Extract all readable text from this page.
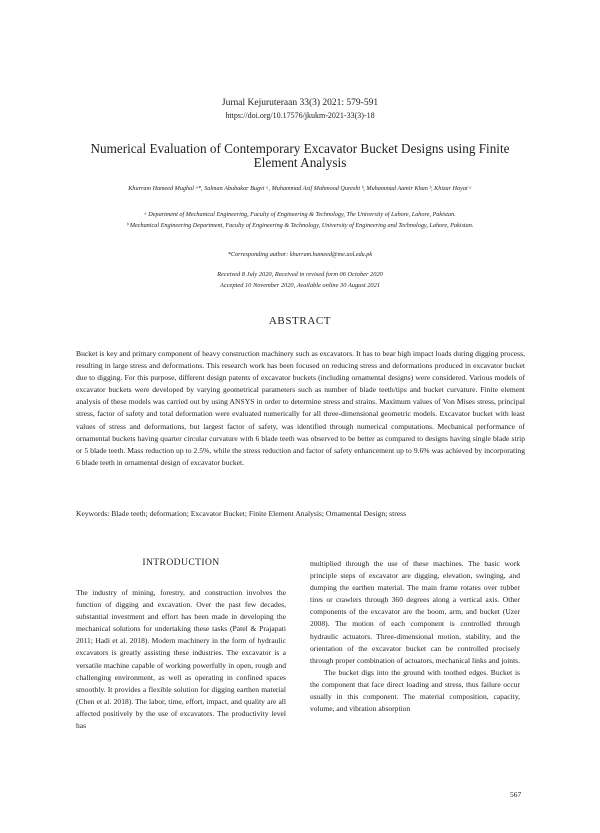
Jurnal Kejuruteraan 33(3) 2021: 579-591
https://doi.org/10.17576/jkukm-2021-33(3)-18
Numerical Evaluation of Contemporary Excavator Bucket Designs using Finite Element Analysis
Khurram Hameed Mughal ᵃ*, Salman Abubakar Bugvi ᵃ, Muhammad Asif Mahmood Qureshi ᵇ, Muhammad Aamir Khan ᵇ, Khizar Hayat ᵃ
ᵃ Department of Mechanical Engineering, Faculty of Engineering & Technology, The University of Lahore, Lahore, Pakistan.
ᵇ Mechanical Engineering Department, Faculty of Engineering & Technology, University of Engineering and Technology, Lahore, Pakistan.
*Corresponding author: khurram.hameed@me.uol.edu.pk
Received 8 July 2020, Received in revised form 06 October 2020
Accepted 10 November 2020, Available online 30 August 2021
ABSTRACT

Bucket is key and primary component of heavy construction machinery such as excavators. It has to bear high impact loads during digging process, resulting in large stress and deformations. This research work has been focused on reducing stress and deformations produced in excavator bucket due to digging. For this purpose, different design patents of excavator buckets (including ornamental designs) were considered. Various models of excavator buckets were developed by varying geometrical parameters such as number of blade teeth/tips and bucket curvature. Finite element analysis of these models was carried out by using ANSYS in order to determine stress and strains. Maximum values of Von Mises stress, principal stress, factor of safety and total deformation were evaluated numerically for all three-dimensional geometric models. Excavator bucket with least values of stress and deformations, but largest factor of safety, was identified through numerical computations. Mechanical performance of ornamental buckets having quarter circular curvature with 6 blade teeth was observed to be better as compared to designs having single blade strip or 5 blade teeth. Mass reduction up to 2.5%, while the stress reduction and factor of safety enhancement up to 9.6% was achieved by incorporating 6 blade teeth in ornamental design of excavator bucket.

Keywords: Blade teeth; deformation; Excavator Bucket; Finite Element Analysis; Ornamental Design; stress

INTRODUCTION

The industry of mining, forestry, and construction involves the function of digging and excavation. Over the past few decades, substantial investment and effort has been made in developing the mechanical solutions for undertaking these tasks (Patel & Prajapati 2011; Hadi et al. 2018). Modern machinery in the form of hydraulic excavators is greatly assisting these industries. The excavator is a versatile machine capable of working powerfully in open, rough and challenging environment, as well as operating in confined spaces smoothly. It provides a flexible solution for digging earthen material (Chen et al. 2018). The labor, time, effort, impact, and quality are all affected positively by the use of excavators. The productivity level has

multiplied through the use of these machines. The basic work principle steps of excavator are digging, elevation, swinging, and dumping the earthen material. The main frame rotates over rubber tires or crawlers through 360 degrees along a vertical axis. Other components of the excavator are the boom, arm, and bucket (Uzer 2008). The motion of each component is controlled through hydraulic actuators. Three-dimensional motion, stability, and the orientation of the excavator bucket can be controlled precisely through proper combination of actuators, mechanical links and joints.

The bucket digs into the ground with toothed edges. Bucket is the component that face direct loading and stress, thus failure occur usually in this component. The material composition, capacity, volume, and vibration absorption

567
